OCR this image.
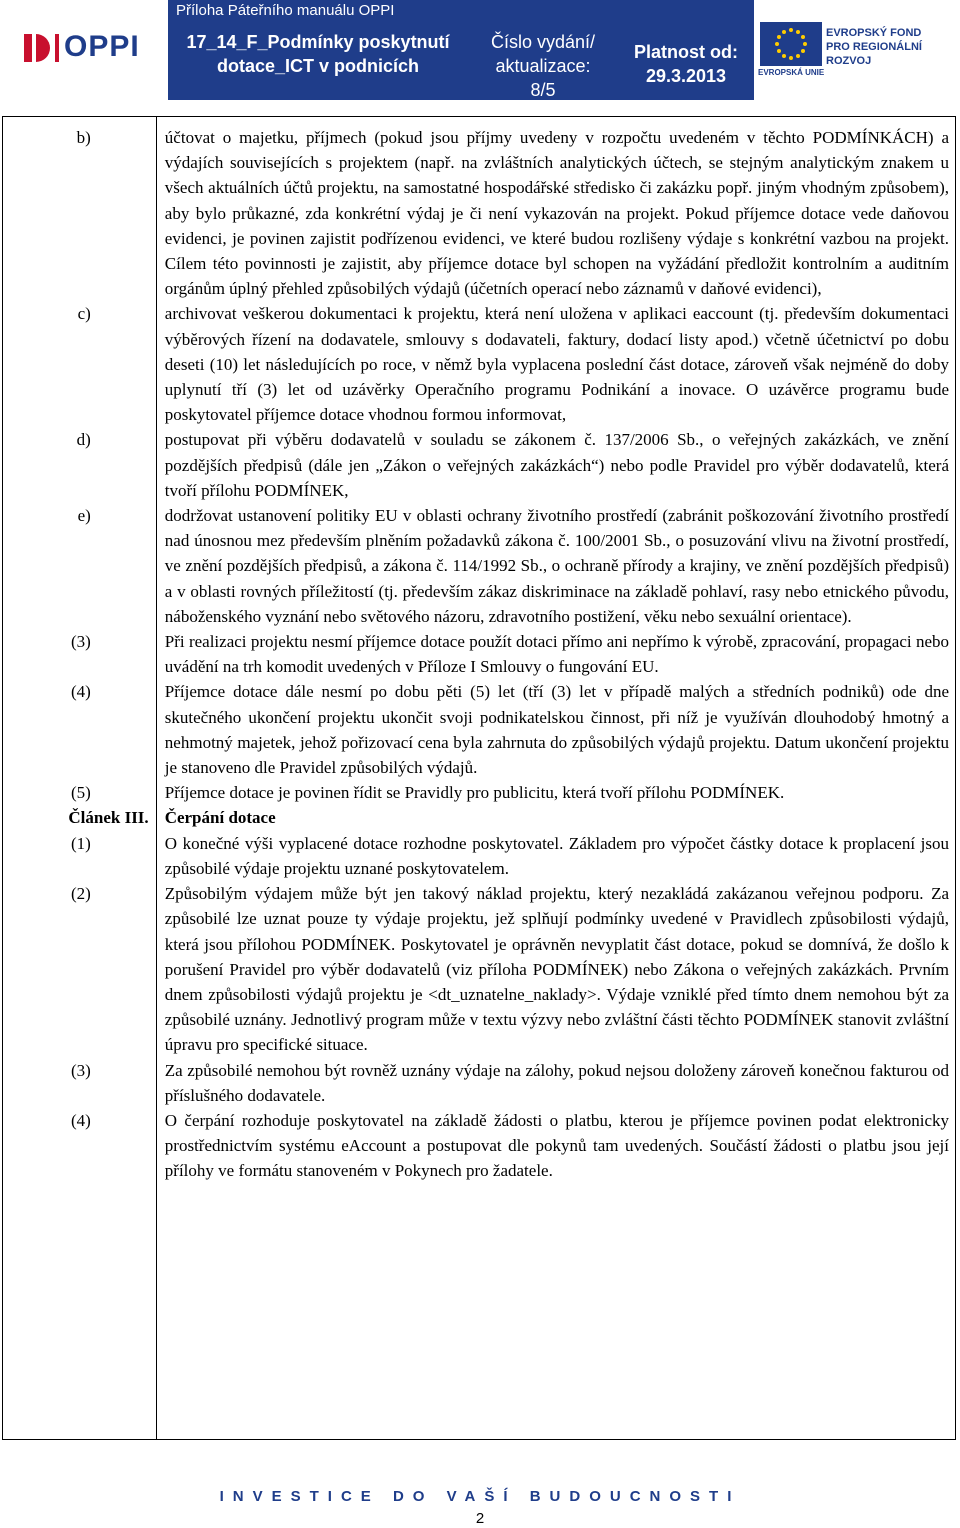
OPPI
Příloha Páteřního manuálu OPPI
17_14_F_Podmínky poskytnutí dotace_ICT v podnicích
Číslo vydání/ aktualizace:
8/5
Platnost od:
29.3.2013	EVROPSKÁ UNIE
EVROPSKÝ FOND PRO REGIONÁLNÍ ROZVOJ
b)	účtovat o majetku, příjmech (pokud jsou příjmy uvedeny v rozpočtu uvedeném v těchto PODMÍNKÁCH) a výdajích souvisejících s projektem (např. na zvláštních analytických účtech, se stejným analytickým znakem u všech aktuálních účtů projektu, na samostatné hospodářské středisko či zakázku popř. jiným vhodným způsobem), aby bylo průkazné, zda konkrétní výdaj je či není vykazován na projekt. Pokud příjemce dotace vede daňovou evidenci, je povinen zajistit podřízenou evidenci, ve které budou rozlišeny výdaje s konkrétní vazbou na projekt. Cílem této povinnosti je zajistit, aby příjemce dotace byl schopen na vyžádání předložit kontrolním a auditním orgánům úplný přehled způsobilých výdajů (účetních operací nebo záznamů v daňové evidenci),
c)	archivovat veškerou dokumentaci k projektu, která není uložena v aplikaci eaccount (tj. především dokumentaci výběrových řízení na dodavatele, smlouvy s dodavateli, faktury, dodací listy apod.) včetně účetnictví po dobu deseti (10) let následujících po roce, v němž byla vyplacena poslední část dotace, zároveň však nejméně do doby uplynutí tří (3) let od uzávěrky Operačního programu Podnikání a inovace. O uzávěrce programu bude poskytovatel příjemce dotace vhodnou formou informovat,
d)	postupovat při výběru dodavatelů v souladu se zákonem č. 137/2006 Sb., o veřejných zakázkách, ve znění pozdějších předpisů (dále jen „Zákon o veřejných zakázkách“) nebo podle Pravidel pro výběr dodavatelů, která tvoří přílohu PODMÍNEK,
e)	dodržovat ustanovení politiky EU v oblasti ochrany životního prostředí (zabránit poškozování životního prostředí nad únosnou mez především plněním požadavků zákona č. 100/2001 Sb., o posuzování vlivu na životní prostředí, ve znění pozdějších předpisů, a zákona č. 114/1992 Sb., o ochraně přírody a krajiny, ve znění pozdějších předpisů) a v oblasti rovných příležitostí (tj. především zákaz diskriminace na základě pohlaví, rasy nebo etnického původu, náboženského vyznání nebo světového názoru, zdravotního postižení, věku nebo sexuální orientace).
(3)	Při realizaci projektu nesmí příjemce dotace použít dotaci přímo ani nepřímo k výrobě, zpracování, propagaci nebo uvádění na trh komodit uvedených v Příloze I Smlouvy o fungování EU.
(4)	Příjemce dotace dále nesmí po dobu pěti (5) let (tří (3) let v případě malých a středních podniků) ode dne skutečného ukončení projektu ukončit svoji podnikatelskou činnost, při níž je využíván dlouhodobý hmotný a nehmotný majetek, jehož pořizovací cena byla zahrnuta do způsobilých výdajů projektu. Datum ukončení projektu je stanoveno dle Pravidel způsobilých výdajů.
(5)	Příjemce dotace je povinen řídit se Pravidly pro publicitu, která tvoří přílohu PODMÍNEK.
Článek III. Čerpání dotace
(1)	O konečné výši vyplacené dotace rozhodne poskytovatel. Základem pro výpočet částky dotace k proplacení jsou způsobilé výdaje projektu uznané poskytovatelem.
(2)	Způsobilým výdajem může být jen takový náklad projektu, který nezakládá zakázanou veřejnou podporu. Za způsobilé lze uznat pouze ty výdaje projektu, jež splňují podmínky uvedené v Pravidlech způsobilosti výdajů, která jsou přílohou PODMÍNEK. Poskytovatel je oprávněn nevyplatit část dotace, pokud se domnívá, že došlo k porušení Pravidel pro výběr dodavatelů (viz příloha PODMÍNEK) nebo Zákona o veřejných zakázkách. Prvním dnem způsobilosti výdajů projektu je <dt_uznatelne_naklady>. Výdaje vzniklé před tímto dnem nemohou být za způsobilé uznány. Jednotlivý program může v textu výzvy nebo zvláštní části těchto PODMÍNEK stanovit zvláštní úpravu pro specifické situace.
(3)	Za způsobilé nemohou být rovněž uznány výdaje na zálohy, pokud nejsou doloženy zároveň konečnou fakturou od příslušného dodavatele.
(4)	O čerpání rozhoduje poskytovatel na základě žádosti o platbu, kterou je příjemce povinen podat elektronicky prostřednictvím systému eAccount a postupovat dle pokynů tam uvedených. Součástí žádosti o platbu jsou její přílohy ve formátu stanoveném v Pokynech pro žadatele.
INVESTICE DO VAŠÍ BUDOUCNOSTI
2
